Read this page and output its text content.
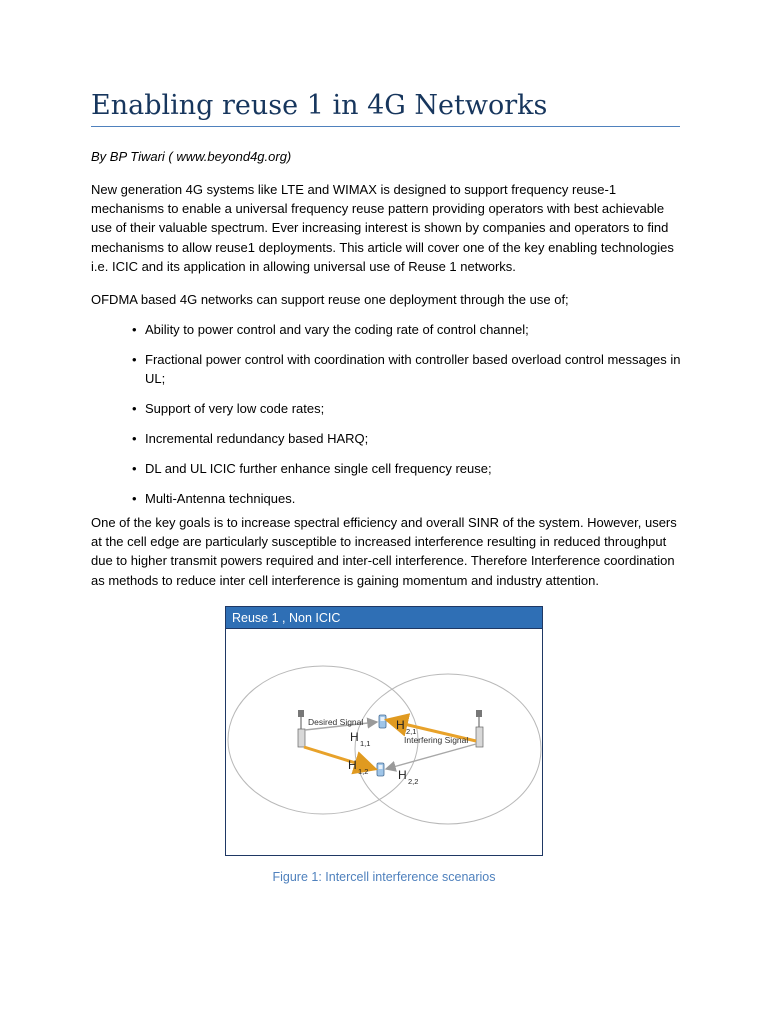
Enabling reuse 1 in 4G Networks
By BP Tiwari ( www.beyond4g.org)

New generation 4G systems like LTE and WIMAX is designed to support frequency reuse-1 mechanisms to enable a universal frequency reuse pattern providing operators with best achievable use of their valuable spectrum. Ever increasing interest is shown by companies and operators to find mechanisms to allow reuse1 deployments. This article will cover one of the key enabling technologies i.e. ICIC and its application in allowing universal use of Reuse 1 networks.

OFDMA based 4G networks can support reuse one deployment through the use of;

• Ability to power control and vary the coding rate of control channel;
• Fractional power control with coordination with controller based overload control messages in UL;
• Support of very low code rates;
• Incremental redundancy based HARQ;
• DL and UL ICIC further enhance single cell frequency reuse;
• Multi-Antenna techniques.

One of the key goals is to increase spectral efficiency and overall SINR of the system. However, users at the cell edge are particularly susceptible to increased interference resulting in reduced throughput due to higher transmit powers required and inter-cell interference. Therefore Interference coordination as methods to reduce inter cell interference is gaining momentum and industry attention.

Reuse 1 , Non ICIC
Desired Signal
Interfering Signal
H 1,1
H 2,1
H 1,2 H 2,2
Figure 1: Intercell interference scenarios
